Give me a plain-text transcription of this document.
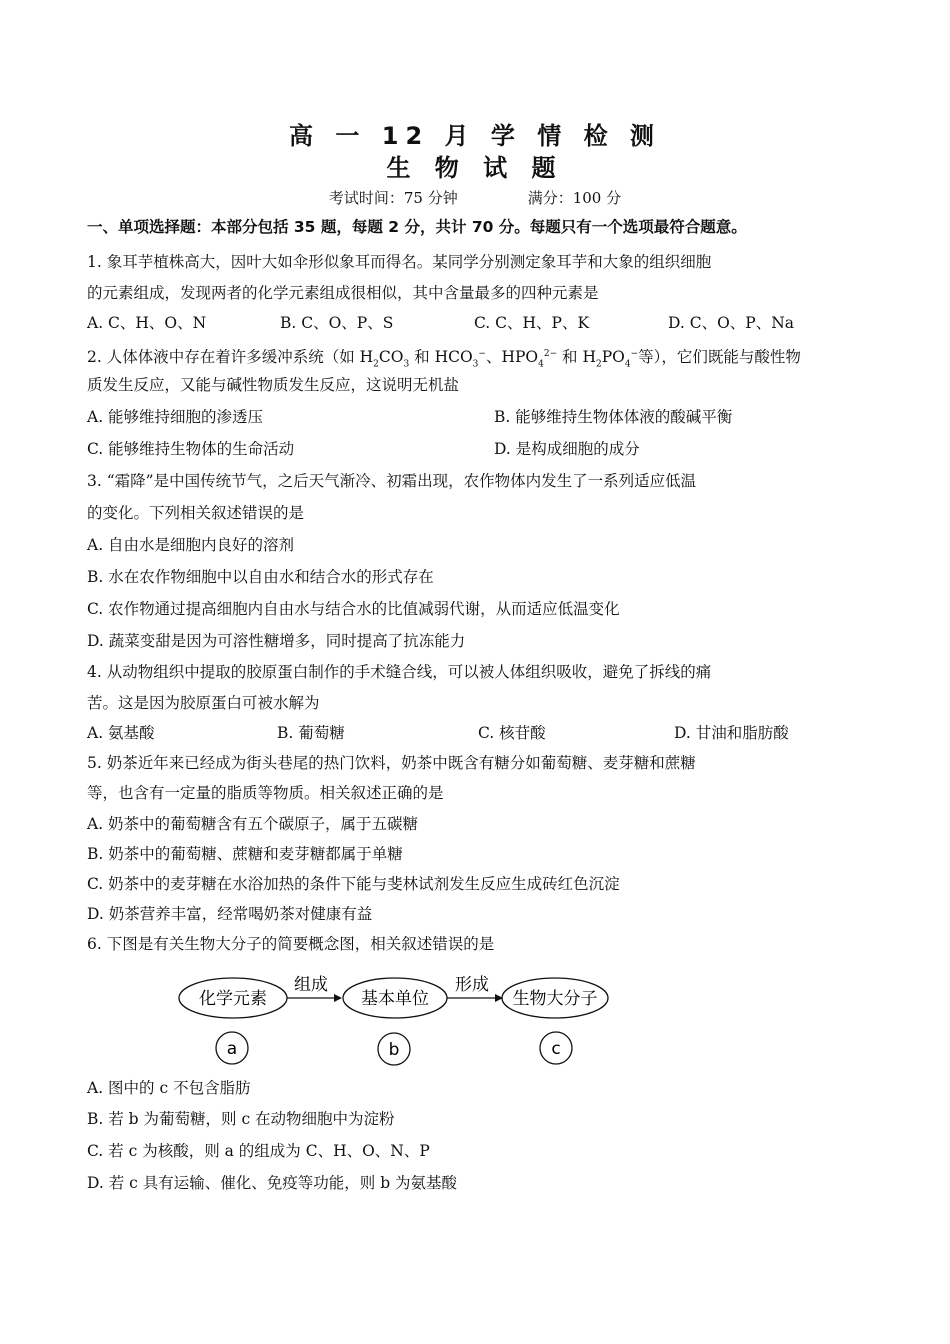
高 一 12 月 学 情 检 测
生 物 试 题
考试时间：75 分钟	满分：100 分
一、单项选择题：本部分包括 35 题，每题 2 分，共计 70 分。每题只有一个选项最符合题意。
1. 象耳芋植株高大，因叶大如伞形似象耳而得名。某同学分别测定象耳芋和大象的组织细胞
的元素组成，发现两者的化学元素组成很相似，其中含量最多的四种元素是
A. C、H、O、N	B. C、O、P、S	C. C、H、P、K	D. C、O、P、Na
2. 人体体液中存在着许多缓冲系统（如 $H_2CO_3$ 和 $HCO_3^-$、$HPO_4^{2-}$ 和 $H_2PO_4^-$等），它们既能与酸性物
质发生反应，又能与碱性物质发生反应，这说明无机盐
A. 能够维持细胞的渗透压	B. 能够维持生物体体液的酸碱平衡
C. 能够维持生物体的生命活动	D. 是构成细胞的成分
3. “霜降”是中国传统节气，之后天气渐冷、初霜出现，农作物体内发生了一系列适应低温
的变化。下列相关叙述错误的是
A. 自由水是细胞内良好的溶剂
B. 水在农作物细胞中以自由水和结合水的形式存在
C. 农作物通过提高细胞内自由水与结合水的比值减弱代谢，从而适应低温变化
D. 蔬菜变甜是因为可溶性糖增多，同时提高了抗冻能力
4. 从动物组织中提取的胶原蛋白制作的手术缝合线，可以被人体组织吸收，避免了拆线的痛
苦。这是因为胶原蛋白可被水解为
A. 氨基酸	B. 葡萄糖	C. 核苷酸	D. 甘油和脂肪酸
5. 奶茶近年来已经成为街头巷尾的热门饮料，奶茶中既含有糖分如葡萄糖、麦芽糖和蔗糖
等，也含有一定量的脂质等物质。相关叙述正确的是
A. 奶茶中的葡萄糖含有五个碳原子，属于五碳糖
B. 奶茶中的葡萄糖、蔗糖和麦芽糖都属于单糖
C. 奶茶中的麦芽糖在水浴加热的条件下能与斐林试剂发生反应生成砖红色沉淀
D. 奶茶营养丰富，经常喝奶茶对健康有益
6. 下图是有关生物大分子的简要概念图，相关叙述错误的是
化学元素
组成
基本单位
形成
生物大分子
a	b	c
A. 图中的 c 不包含脂肪
B. 若 b 为葡萄糖，则 c 在动物细胞中为淀粉
C. 若 c 为核酸，则 a 的组成为 C、H、O、N、P
D. 若 c 具有运输、催化、免疫等功能，则 b 为氨基酸
